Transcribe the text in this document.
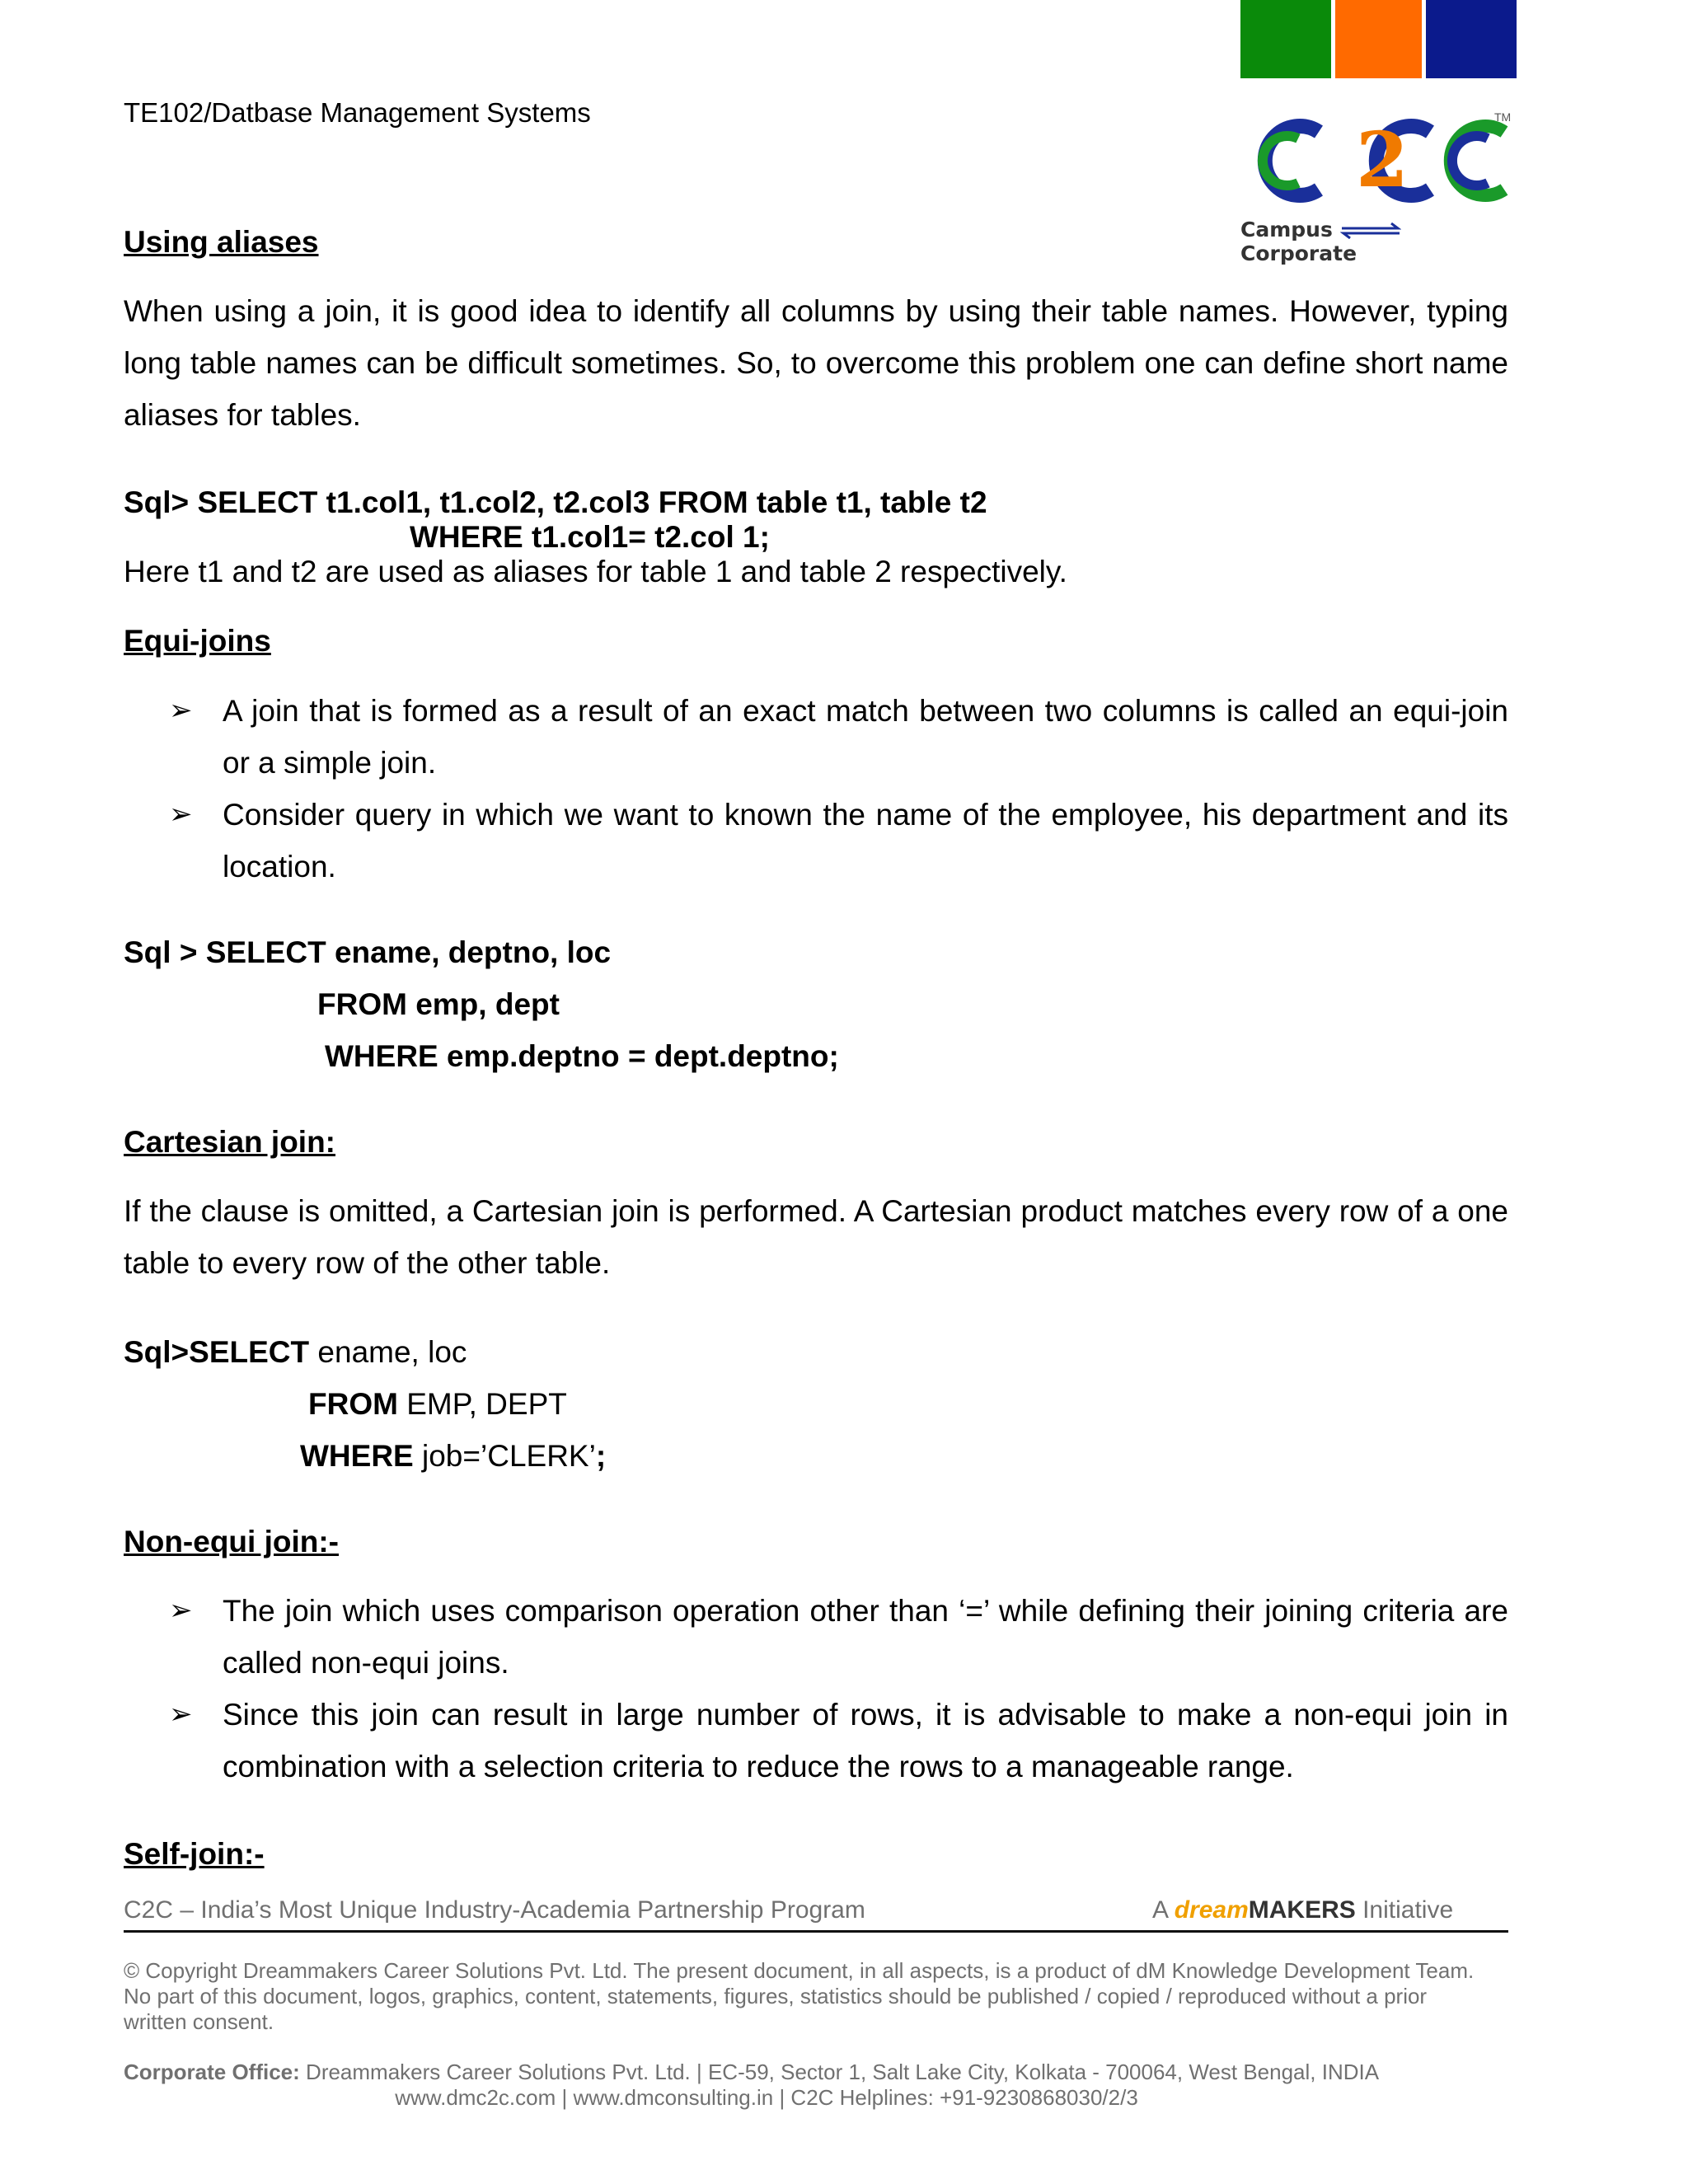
TE102/Datbase Management Systems
2	TM
Campus  Corporate
Using aliases

When using a join, it is good idea to identify all columns by using their table names. However, typing long table names can be difficult sometimes. So, to overcome this problem one can define short name aliases for tables.

Sql> SELECT t1.col1, t1.col2, t2.col3 FROM table t1, table t2
WHERE t1.col1= t2.col 1;
Here t1 and t2 are used as aliases for table 1 and table 2 respectively.
Equi-joins
➢ A join that is formed as a result of an exact match between two columns is called an equi-join or a simple join.
➢ Consider query in which we want to known the name of the employee, his department and its location.
Sql > SELECT ename, deptno, loc
FROM emp, dept
WHERE emp.deptno = dept.deptno;
Cartesian join:

If the clause is omitted, a Cartesian join is performed. A Cartesian product matches every row of a one table to every row of the other table.

Sql>SELECT ename, loc
FROM EMP, DEPT
WHERE job=’CLERK’;
Non-equi join:-
➢ The join which uses comparison operation other than ‘=’ while defining their joining criteria are called non-equi joins.
➢ Since this join can result in large number of rows, it is advisable to make a non-equi join in combination with a selection criteria to reduce the rows to a manageable range.
Self-join:-
C2C – India’s Most Unique Industry-Academia Partnership Program	A dreamMAKERS Initiative

© Copyright Dreammakers Career Solutions Pvt. Ltd. The present document, in all aspects, is a product of dM Knowledge Development Team. No part of this document, logos, graphics, content, statements, figures, statistics should be published / copied / reproduced without a prior written consent.

Corporate Office: Dreammakers Career Solutions Pvt. Ltd. | EC-59, Sector 1, Salt Lake City, Kolkata - 700064, West Bengal, INDIA
www.dmc2c.com | www.dmconsulting.in | C2C Helplines: +91-9230868030/2/3
